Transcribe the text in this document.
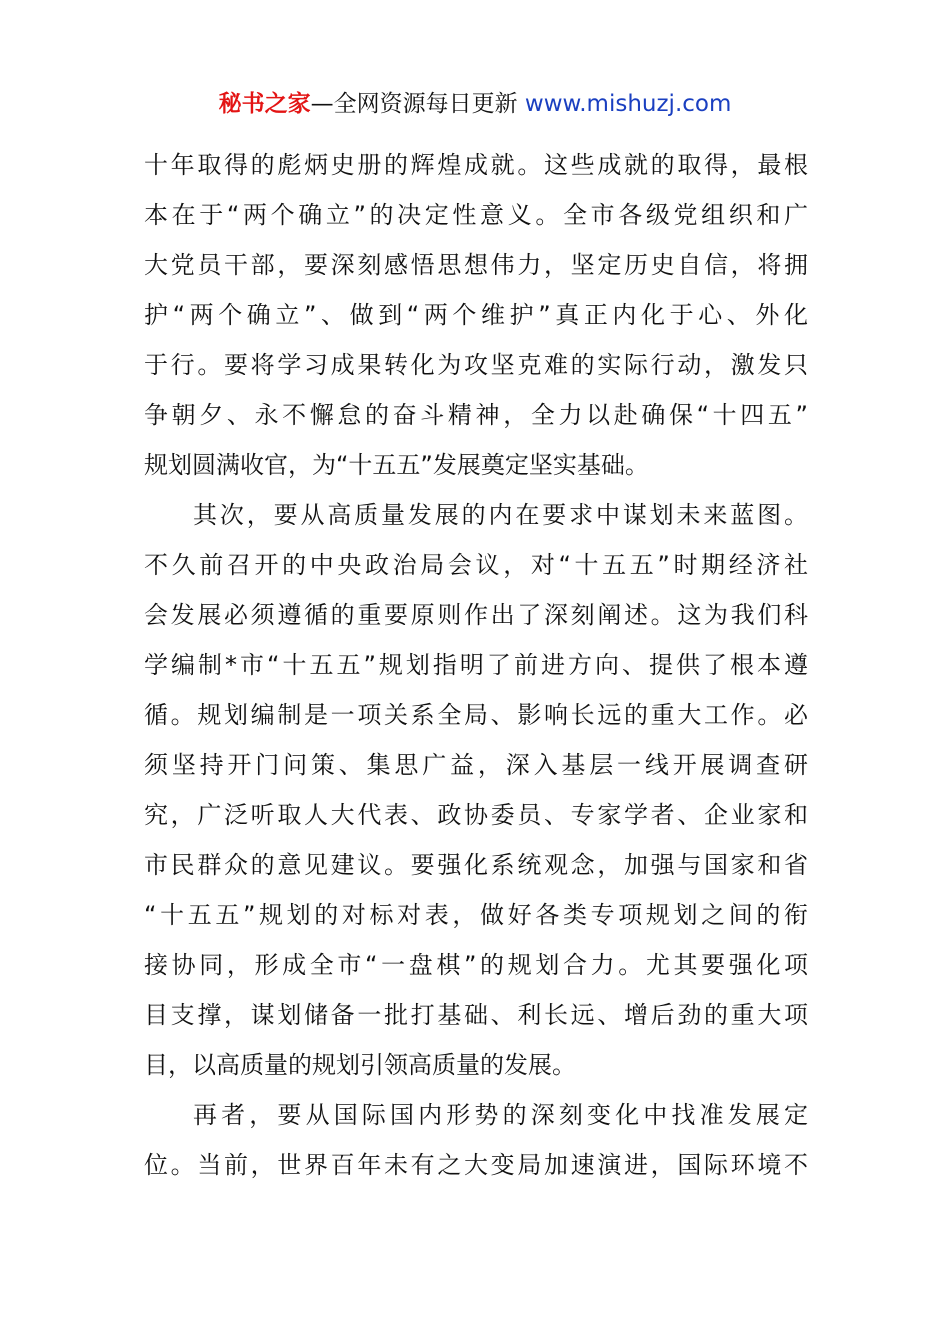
秘书之家—全网资源每日更新 www.mishuzj.com
十年取得的彪炳史册的辉煌成就。这些成就的取得，最根
本在于“两个确立”的决定性意义。全市各级党组织和广
大党员干部，要深刻感悟思想伟力，坚定历史自信，将拥
护“两个确立”、做到“两个维护”真正内化于心、外化
于行。要将学习成果转化为攻坚克难的实际行动，激发只
争朝夕、永不懈怠的奋斗精神，全力以赴确保“十四五”
规划圆满收官，为“十五五”发展奠定坚实基础。
其次，要从高质量发展的内在要求中谋划未来蓝图。
不久前召开的中央政治局会议，对“十五五”时期经济社
会发展必须遵循的重要原则作出了深刻阐述。这为我们科
学编制*市“十五五”规划指明了前进方向、提供了根本遵
循。规划编制是一项关系全局、影响长远的重大工作。必
须坚持开门问策、集思广益，深入基层一线开展调查研
究，广泛听取人大代表、政协委员、专家学者、企业家和
市民群众的意见建议。要强化系统观念，加强与国家和省
“十五五”规划的对标对表，做好各类专项规划之间的衔
接协同，形成全市“一盘棋”的规划合力。尤其要强化项
目支撑，谋划储备一批打基础、利长远、增后劲的重大项
目，以高质量的规划引领高质量的发展。
再者，要从国际国内形势的深刻变化中找准发展定
位。当前，世界百年未有之大变局加速演进，国际环境不
